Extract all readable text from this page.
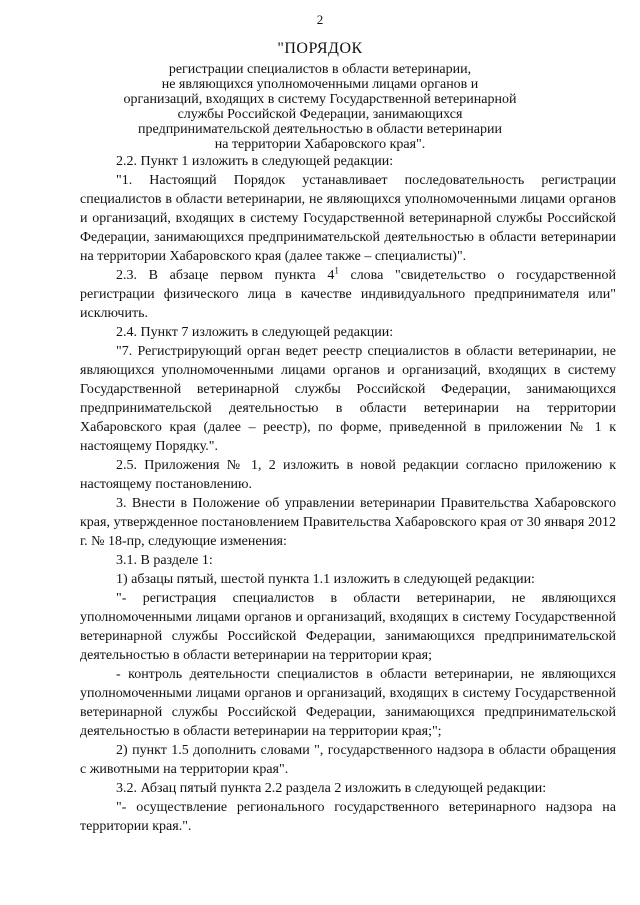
2
"ПОРЯДОК
регистрации специалистов в области ветеринарии,
не являющихся уполномоченными лицами органов и
организаций, входящих в систему Государственной ветеринарной
службы Российской Федерации, занимающихся
предпринимательской деятельностью в области ветеринарии
на территории Хабаровского края".

2.2. Пункт 1 изложить в следующей редакции:

"1. Настоящий Порядок устанавливает последовательность регистрации специалистов в области ветеринарии, не являющихся уполномоченными лицами органов и организаций, входящих в систему Государственной ветеринарной службы Российской Федерации, занимающихся предпринимательской деятельностью в области ветеринарии на территории Хабаровского края (далее также – специалисты)".

2.3. В абзаце первом пункта $4^1$ слова "свидетельство о государственной регистрации физического лица в качестве индивидуального предпринимателя или" исключить.

2.4. Пункт 7 изложить в следующей редакции:

"7. Регистрирующий орган ведет реестр специалистов в области ветеринарии, не являющихся уполномоченными лицами органов и организаций, входящих в систему Государственной ветеринарной службы Российской Федерации, занимающихся предпринимательской деятельностью в области ветеринарии на территории Хабаровского края (далее – реестр), по форме, приведенной в приложении № 1 к настоящему Порядку.".

2.5. Приложения № 1, 2 изложить в новой редакции согласно приложению к настоящему постановлению.

3. Внести в Положение об управлении ветеринарии Правительства Хабаровского края, утвержденное постановлением Правительства Хабаровского края от 30 января 2012 г. № 18-пр, следующие изменения:

3.1. В разделе 1:

1) абзацы пятый, шестой пункта 1.1 изложить в следующей редакции:

"- регистрация специалистов в области ветеринарии, не являющихся уполномоченными лицами органов и организаций, входящих в систему Государственной ветеринарной службы Российской Федерации, занимающихся предпринимательской деятельностью в области ветеринарии на территории края;

- контроль деятельности специалистов в области ветеринарии, не являющихся уполномоченными лицами органов и организаций, входящих в систему Государственной ветеринарной службы Российской Федерации, занимающихся предпринимательской деятельностью в области ветеринарии на территории края;";

2) пункт 1.5 дополнить словами ", государственного надзора в области обращения с животными на территории края".

3.2. Абзац пятый пункта 2.2 раздела 2 изложить в следующей редакции:

"- осуществление регионального государственного ветеринарного надзора на территории края.".
